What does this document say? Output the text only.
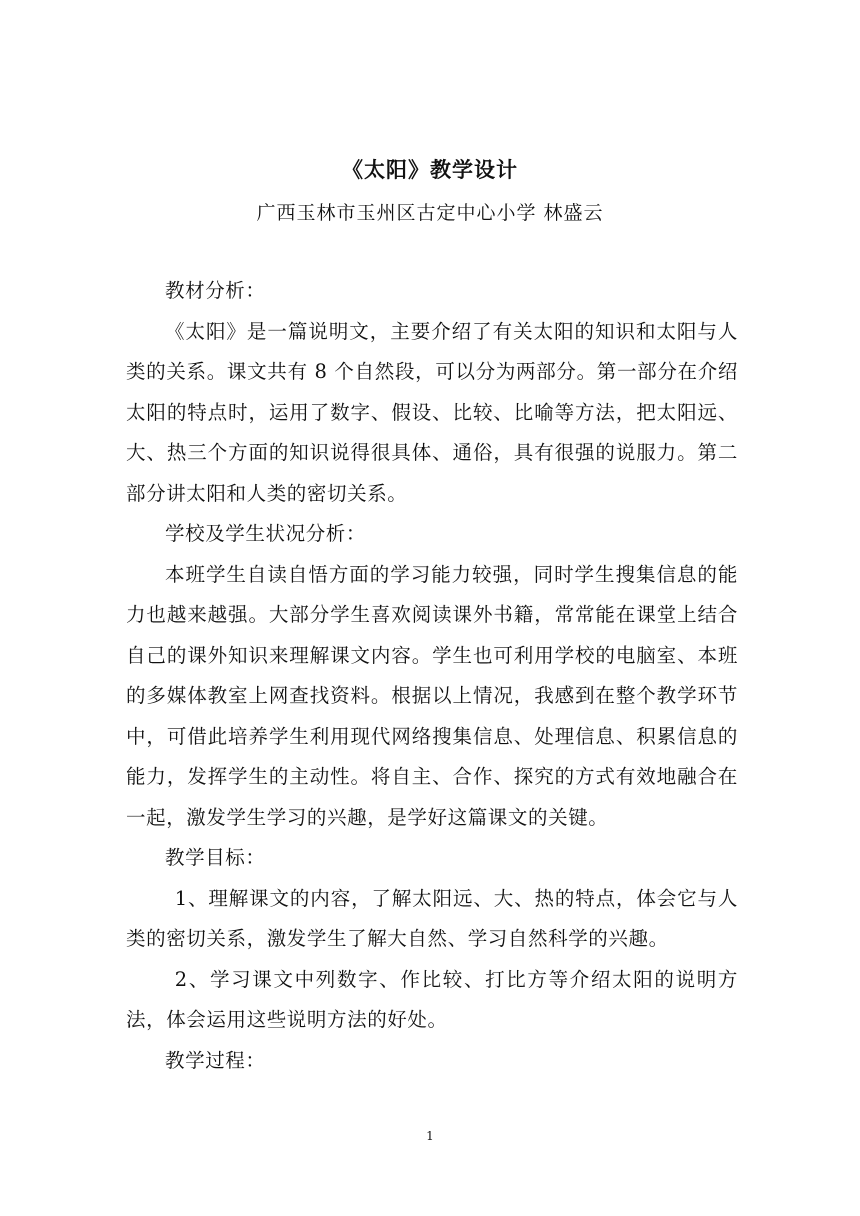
《太阳》教学设计
广西玉林市玉州区古定中心小学 林盛云

教材分析：

《太阳》是一篇说明文，主要介绍了有关太阳的知识和太阳与人类的关系。课文共有 8 个自然段，可以分为两部分。第一部分在介绍太阳的特点时，运用了数字、假设、比较、比喻等方法，把太阳远、大、热三个方面的知识说得很具体、通俗，具有很强的说服力。第二部分讲太阳和人类的密切关系。

学校及学生状况分析：

本班学生自读自悟方面的学习能力较强，同时学生搜集信息的能力也越来越强。大部分学生喜欢阅读课外书籍，常常能在课堂上结合自己的课外知识来理解课文内容。学生也可利用学校的电脑室、本班的多媒体教室上网查找资料。根据以上情况，我感到在整个教学环节中，可借此培养学生利用现代网络搜集信息、处理信息、积累信息的能力，发挥学生的主动性。将自主、合作、探究的方式有效地融合在一起，激发学生学习的兴趣，是学好这篇课文的关键。

教学目标：

1、理解课文的内容，了解太阳远、大、热的特点，体会它与人类的密切关系，激发学生了解大自然、学习自然科学的兴趣。

2、学习课文中列数字、作比较、打比方等介绍太阳的说明方法，体会运用这些说明方法的好处。

教学过程：

1
